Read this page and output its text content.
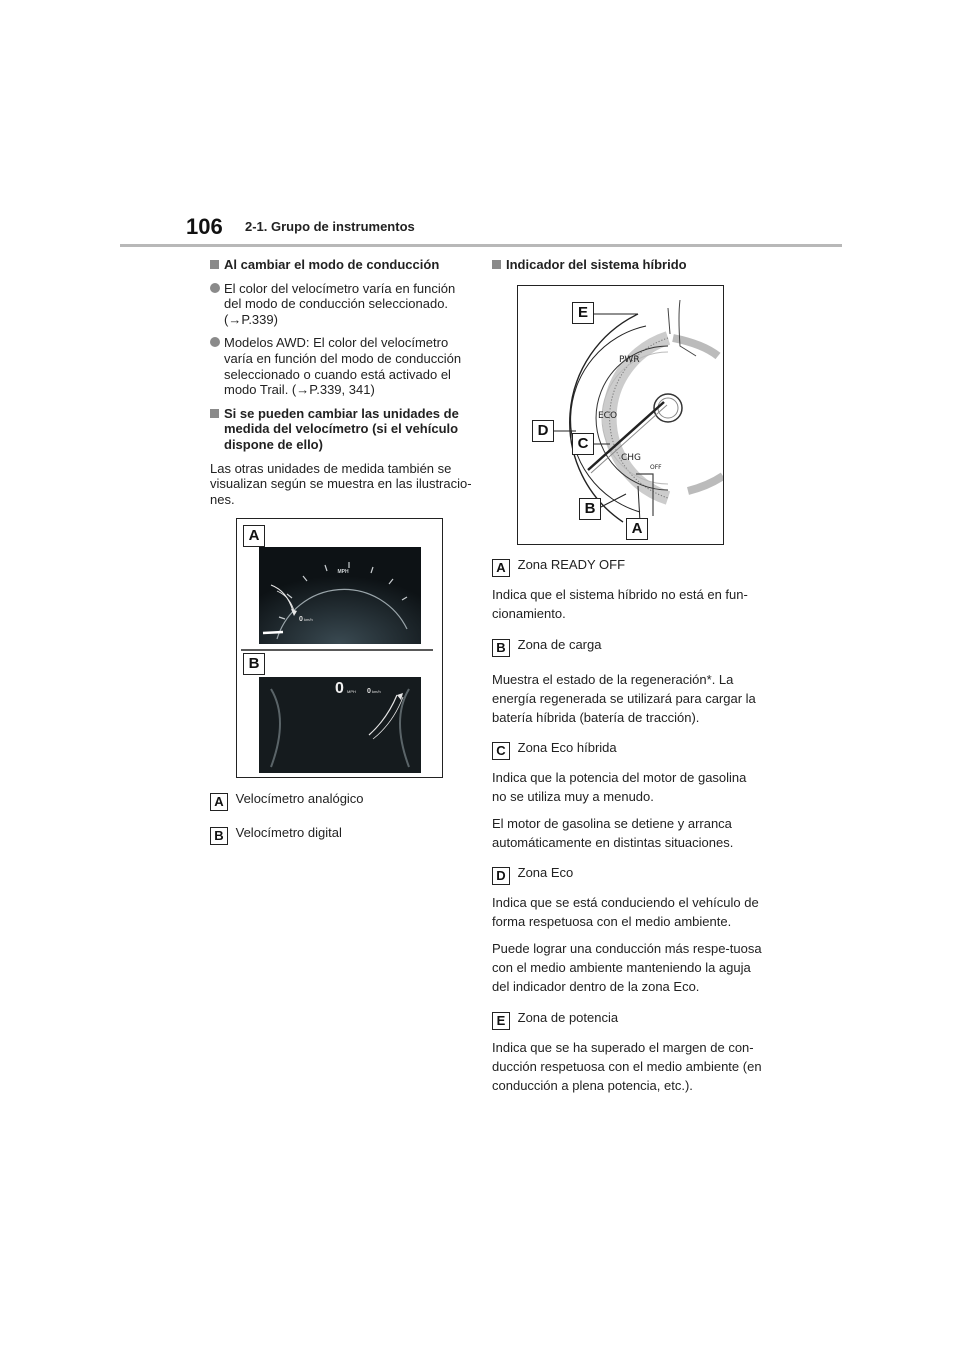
106 2-1. Grupo de instrumentos
Al cambiar el modo de conducción
El color del velocímetro varía en función del modo de conducción seleccionado. (→P.339)
Modelos AWD: El color del velocímetro varía en función del modo de conducción seleccionado o cuando está activado el modo Trail. (→P.339, 341)
Si se pueden cambiar las unidades de medida del velocímetro (si el vehículo dispone de ello)
Las otras unidades de medida también se visualizan según se muestra en las ilustracio-nes.
MPH
0 km/h
0 MPH 0 km/h
A
B
A Velocímetro analógico
B Velocímetro digital
Indicador del sistema híbrido
PWR
ECO
CHG
OFF
E
D
C
B
A
A Zona READY OFF
Indica que el sistema híbrido no está en fun-cionamiento.
B Zona de carga
Muestra el estado de la regeneración*. La energía regenerada se utilizará para cargar la batería híbrida (batería de tracción).
C Zona Eco híbrida
Indica que la potencia del motor de gasolina no se utiliza muy a menudo.
El motor de gasolina se detiene y arranca automáticamente en distintas situaciones.
D Zona Eco
Indica que se está conduciendo el vehículo de forma respetuosa con el medio ambiente.
Puede lograr una conducción más respe-tuosa con el medio ambiente manteniendo la aguja del indicador dentro de la zona Eco.
E Zona de potencia
Indica que se ha superado el margen de con-ducción respetuosa con el medio ambiente (en conducción a plena potencia, etc.).
